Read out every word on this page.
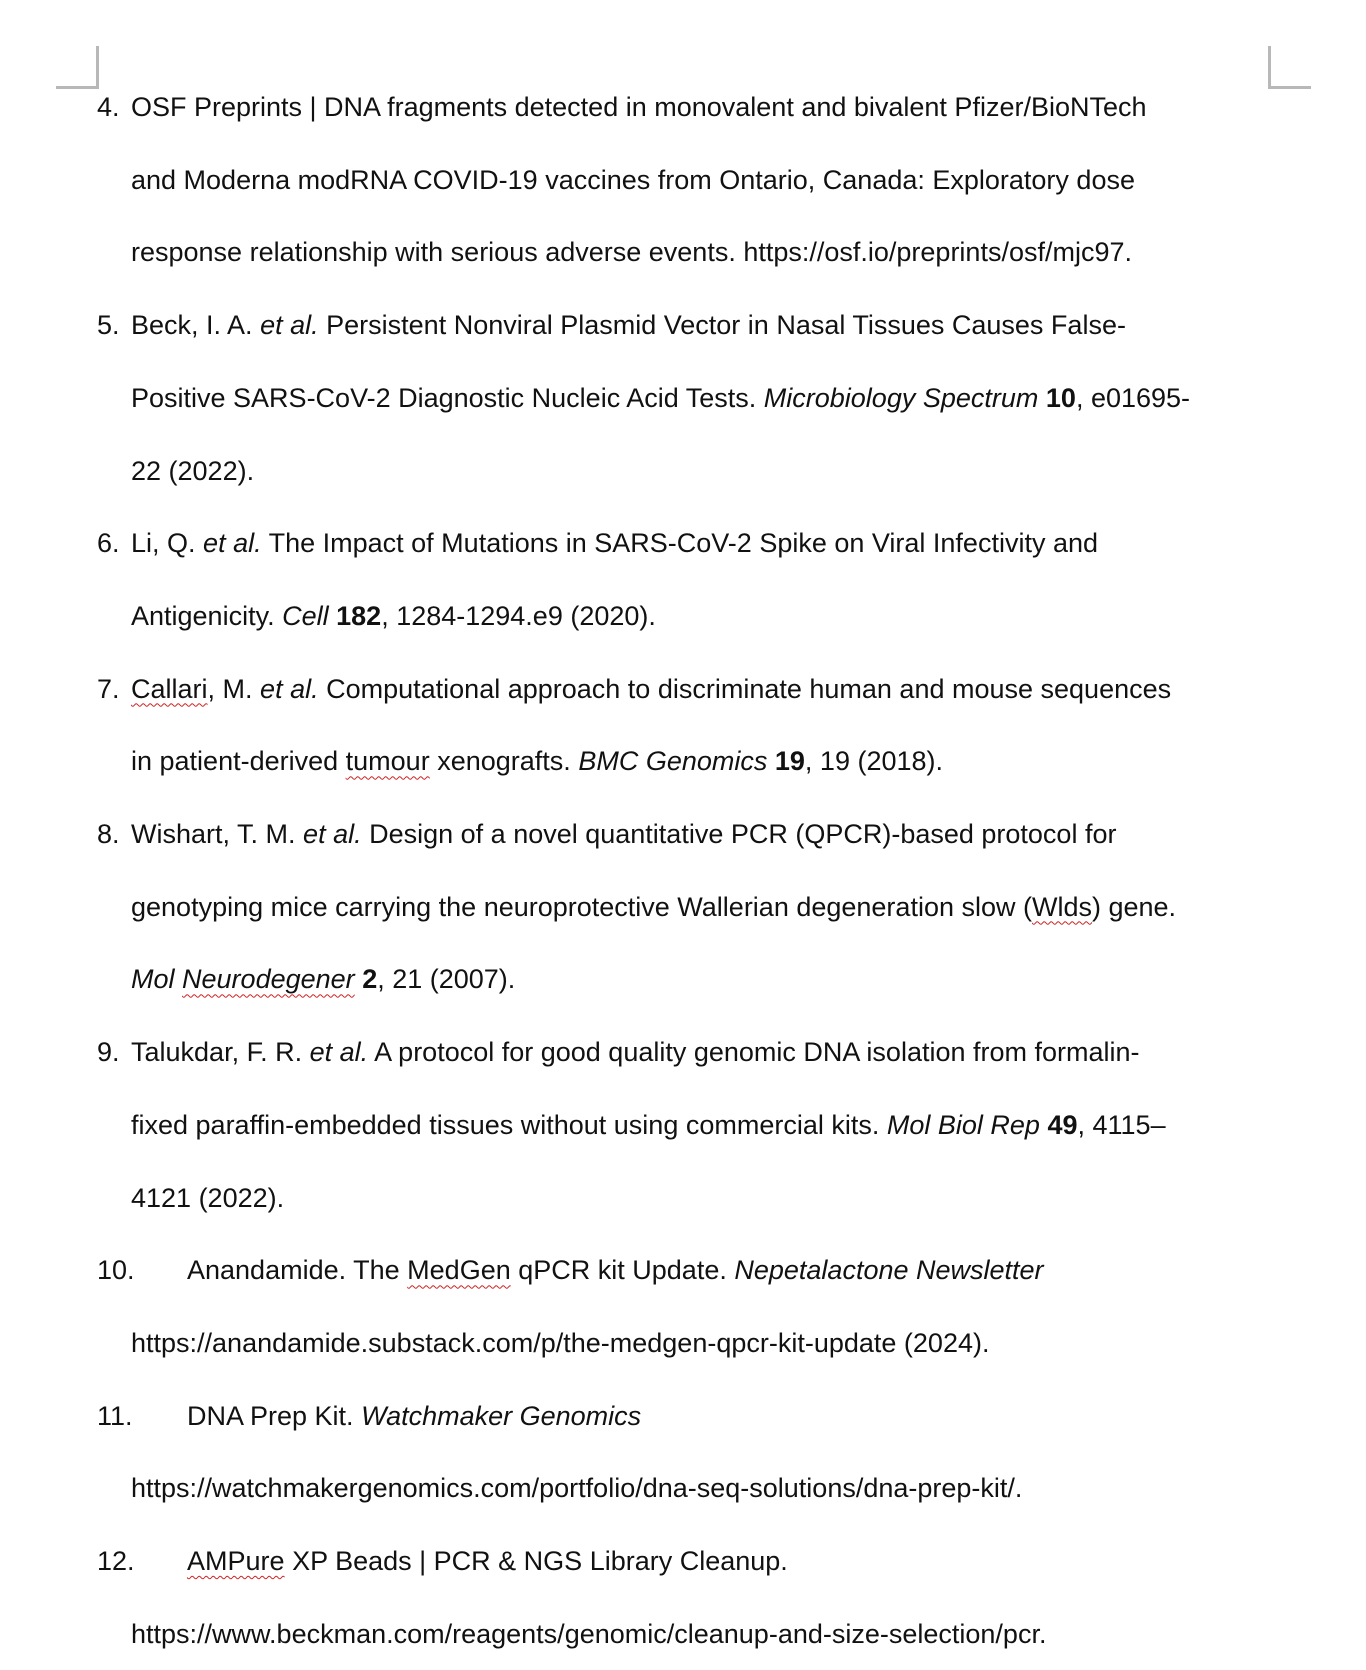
4. OSF Preprints | DNA fragments detected in monovalent and bivalent Pfizer/BioNTech
and Moderna modRNA COVID-19 vaccines from Ontario, Canada: Exploratory dose
response relationship with serious adverse events. https://osf.io/preprints/osf/mjc97.
5. Beck, I. A. et al. Persistent Nonviral Plasmid Vector in Nasal Tissues Causes False-
Positive SARS-CoV-2 Diagnostic Nucleic Acid Tests. Microbiology Spectrum 10, e01695-
22 (2022).
6. Li, Q. et al. The Impact of Mutations in SARS-CoV-2 Spike on Viral Infectivity and
Antigenicity. Cell 182, 1284-1294.e9 (2020).
7. Callari, M. et al. Computational approach to discriminate human and mouse sequences
in patient-derived tumour xenografts. BMC Genomics 19, 19 (2018).
8. Wishart, T. M. et al. Design of a novel quantitative PCR (QPCR)-based protocol for
genotyping mice carrying the neuroprotective Wallerian degeneration slow (Wlds) gene.
Mol Neurodegener 2, 21 (2007).
9. Talukdar, F. R. et al. A protocol for good quality genomic DNA isolation from formalin-
fixed paraffin-embedded tissues without using commercial kits. Mol Biol Rep 49, 4115–
4121 (2022).
10. Anandamide. The MedGen qPCR kit Update. Nepetalactone Newsletter
https://anandamide.substack.com/p/the-medgen-qpcr-kit-update (2024).
11. DNA Prep Kit. Watchmaker Genomics
https://watchmakergenomics.com/portfolio/dna-seq-solutions/dna-prep-kit/.
12. AMPure XP Beads | PCR & NGS Library Cleanup.
https://www.beckman.com/reagents/genomic/cleanup-and-size-selection/pcr.
